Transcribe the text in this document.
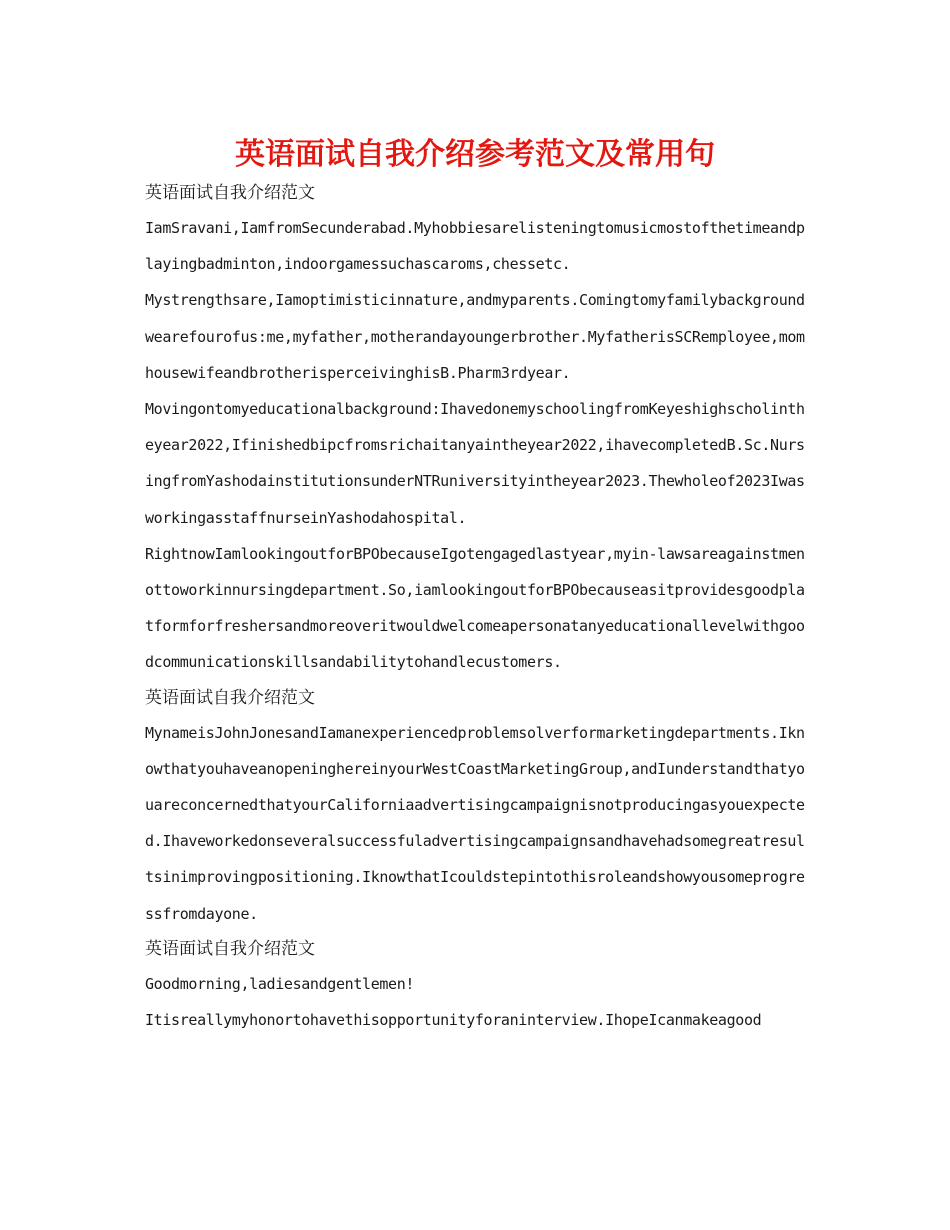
英语面试自我介绍参考范文及常用句
英语面试自我介绍范文

IamSravani,IamfromSecunderabad.Myhobbiesarelisteningtomusicmostofthetimeandplayingbadminton,indoorgamessuchascaroms,chessetc.

Mystrengthsare,Iamoptimisticinnature,andmyparents.Comingtomyfamilybackgroundwearefourofus:me,myfather,motherandayoungerbrother.MyfatherisSCRemployee,momhousewifeandbrotherisperceivinghisB.Pharm3rdyear.

Movingontomyeducationalbackground:IhavedonemyschoolingfromKeyeshighscholintheyear2022,Ifinishedbipcfromsrichaitanyaintheyear2022,ihavecompletedB.Sc.NursingfromYashodainstitutionsunderNTRuniversityintheyear2023.Thewholeof2023IwasworkingasstaffnurseinYashodahospital.

RightnowIamlookingoutforBPObecauseIgotengagedlastyear,myin-lawsareagainstmenottoworkinnursingdepartment.So,iamlookingoutforBPObecauseasitprovidesgoodplatformforfreshersandmoreoveritwouldwelcomeapersonatanyeducationallevelwithgoodcommunicationskillsandabilitytohandlecustomers.

英语面试自我介绍范文

MynameisJohnJonesandIamanexperiencedproblemsolverformarketingdepartments.IknowthatyouhaveanopeninghereinyourWestCoastMarketingGroup,andIunderstandthatyouareconcernedthatyourCaliforniaadvertisingcampaignisnotproducingasyouexpected.Ihaveworkedonseveralsuccessfuladvertisingcampaignsandhavehadsomegreatresultsinimprovingpositioning.IknowthatIcouldstepintothisroleandshowyousomeprogressfromdayone.

英语面试自我介绍范文

Goodmorning,ladiesandgentlemen!

Itisreallymyhonortohavethisopportunityforaninterview.IhopeIcanmakeagood
